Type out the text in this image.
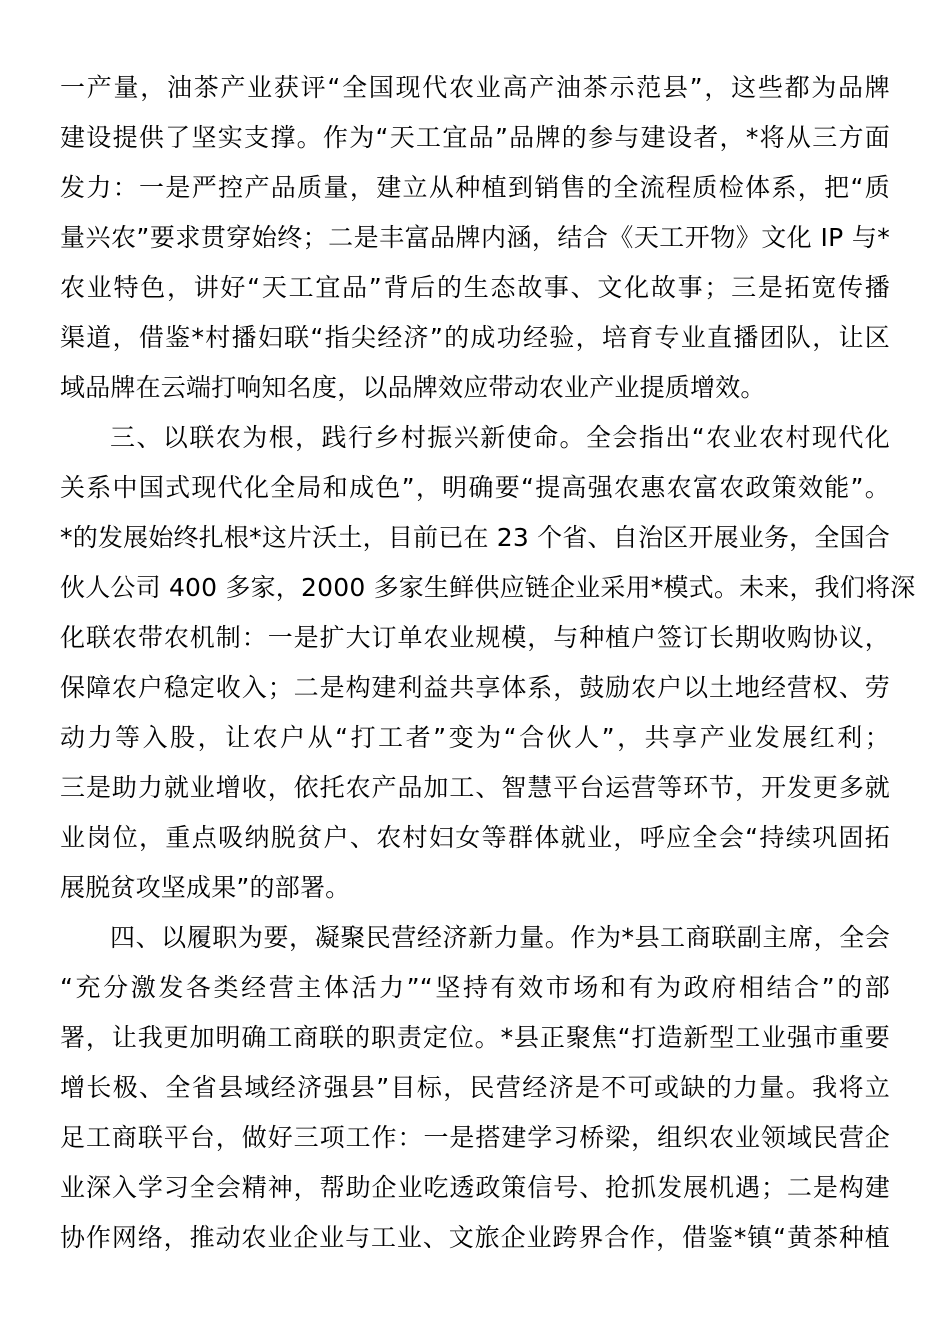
一产量，油茶产业获评“全国现代农业高产油茶示范县”，这些都为品牌
建设提供了坚实支撑。作为“天工宜品”品牌的参与建设者，*将从三方面
发力：一是严控产品质量，建立从种植到销售的全流程质检体系，把“质
量兴农”要求贯穿始终；二是丰富品牌内涵，结合《天工开物》文化 IP 与*
农业特色，讲好“天工宜品”背后的生态故事、文化故事；三是拓宽传播
渠道，借鉴*村播妇联“指尖经济”的成功经验，培育专业直播团队，让区
域品牌在云端打响知名度，以品牌效应带动农业产业提质增效。
三、以联农为根，践行乡村振兴新使命。全会指出“农业农村现代化
关系中国式现代化全局和成色”，明确要“提高强农惠农富农政策效能”。
*的发展始终扎根*这片沃土，目前已在 23 个省、自治区开展业务，全国合
伙人公司 400 多家，2000 多家生鲜供应链企业采用*模式。未来，我们将深
化联农带农机制：一是扩大订单农业规模，与种植户签订长期收购协议，
保障农户稳定收入；二是构建利益共享体系，鼓励农户以土地经营权、劳
动力等入股，让农户从“打工者”变为“合伙人”，共享产业发展红利；
三是助力就业增收，依托农产品加工、智慧平台运营等环节，开发更多就
业岗位，重点吸纳脱贫户、农村妇女等群体就业，呼应全会“持续巩固拓
展脱贫攻坚成果”的部署。
四、以履职为要，凝聚民营经济新力量。作为*县工商联副主席，全会
“充分激发各类经营主体活力”“坚持有效市场和有为政府相结合”的部
署，让我更加明确工商联的职责定位。*县正聚焦“打造新型工业强市重要
增长极、全省县域经济强县”目标，民营经济是不可或缺的力量。我将立
足工商联平台，做好三项工作：一是搭建学习桥梁，组织农业领域民营企
业深入学习全会精神，帮助企业吃透政策信号、抢抓发展机遇；二是构建
协作网络，推动农业企业与工业、文旅企业跨界合作，借鉴*镇“黄茶种植
